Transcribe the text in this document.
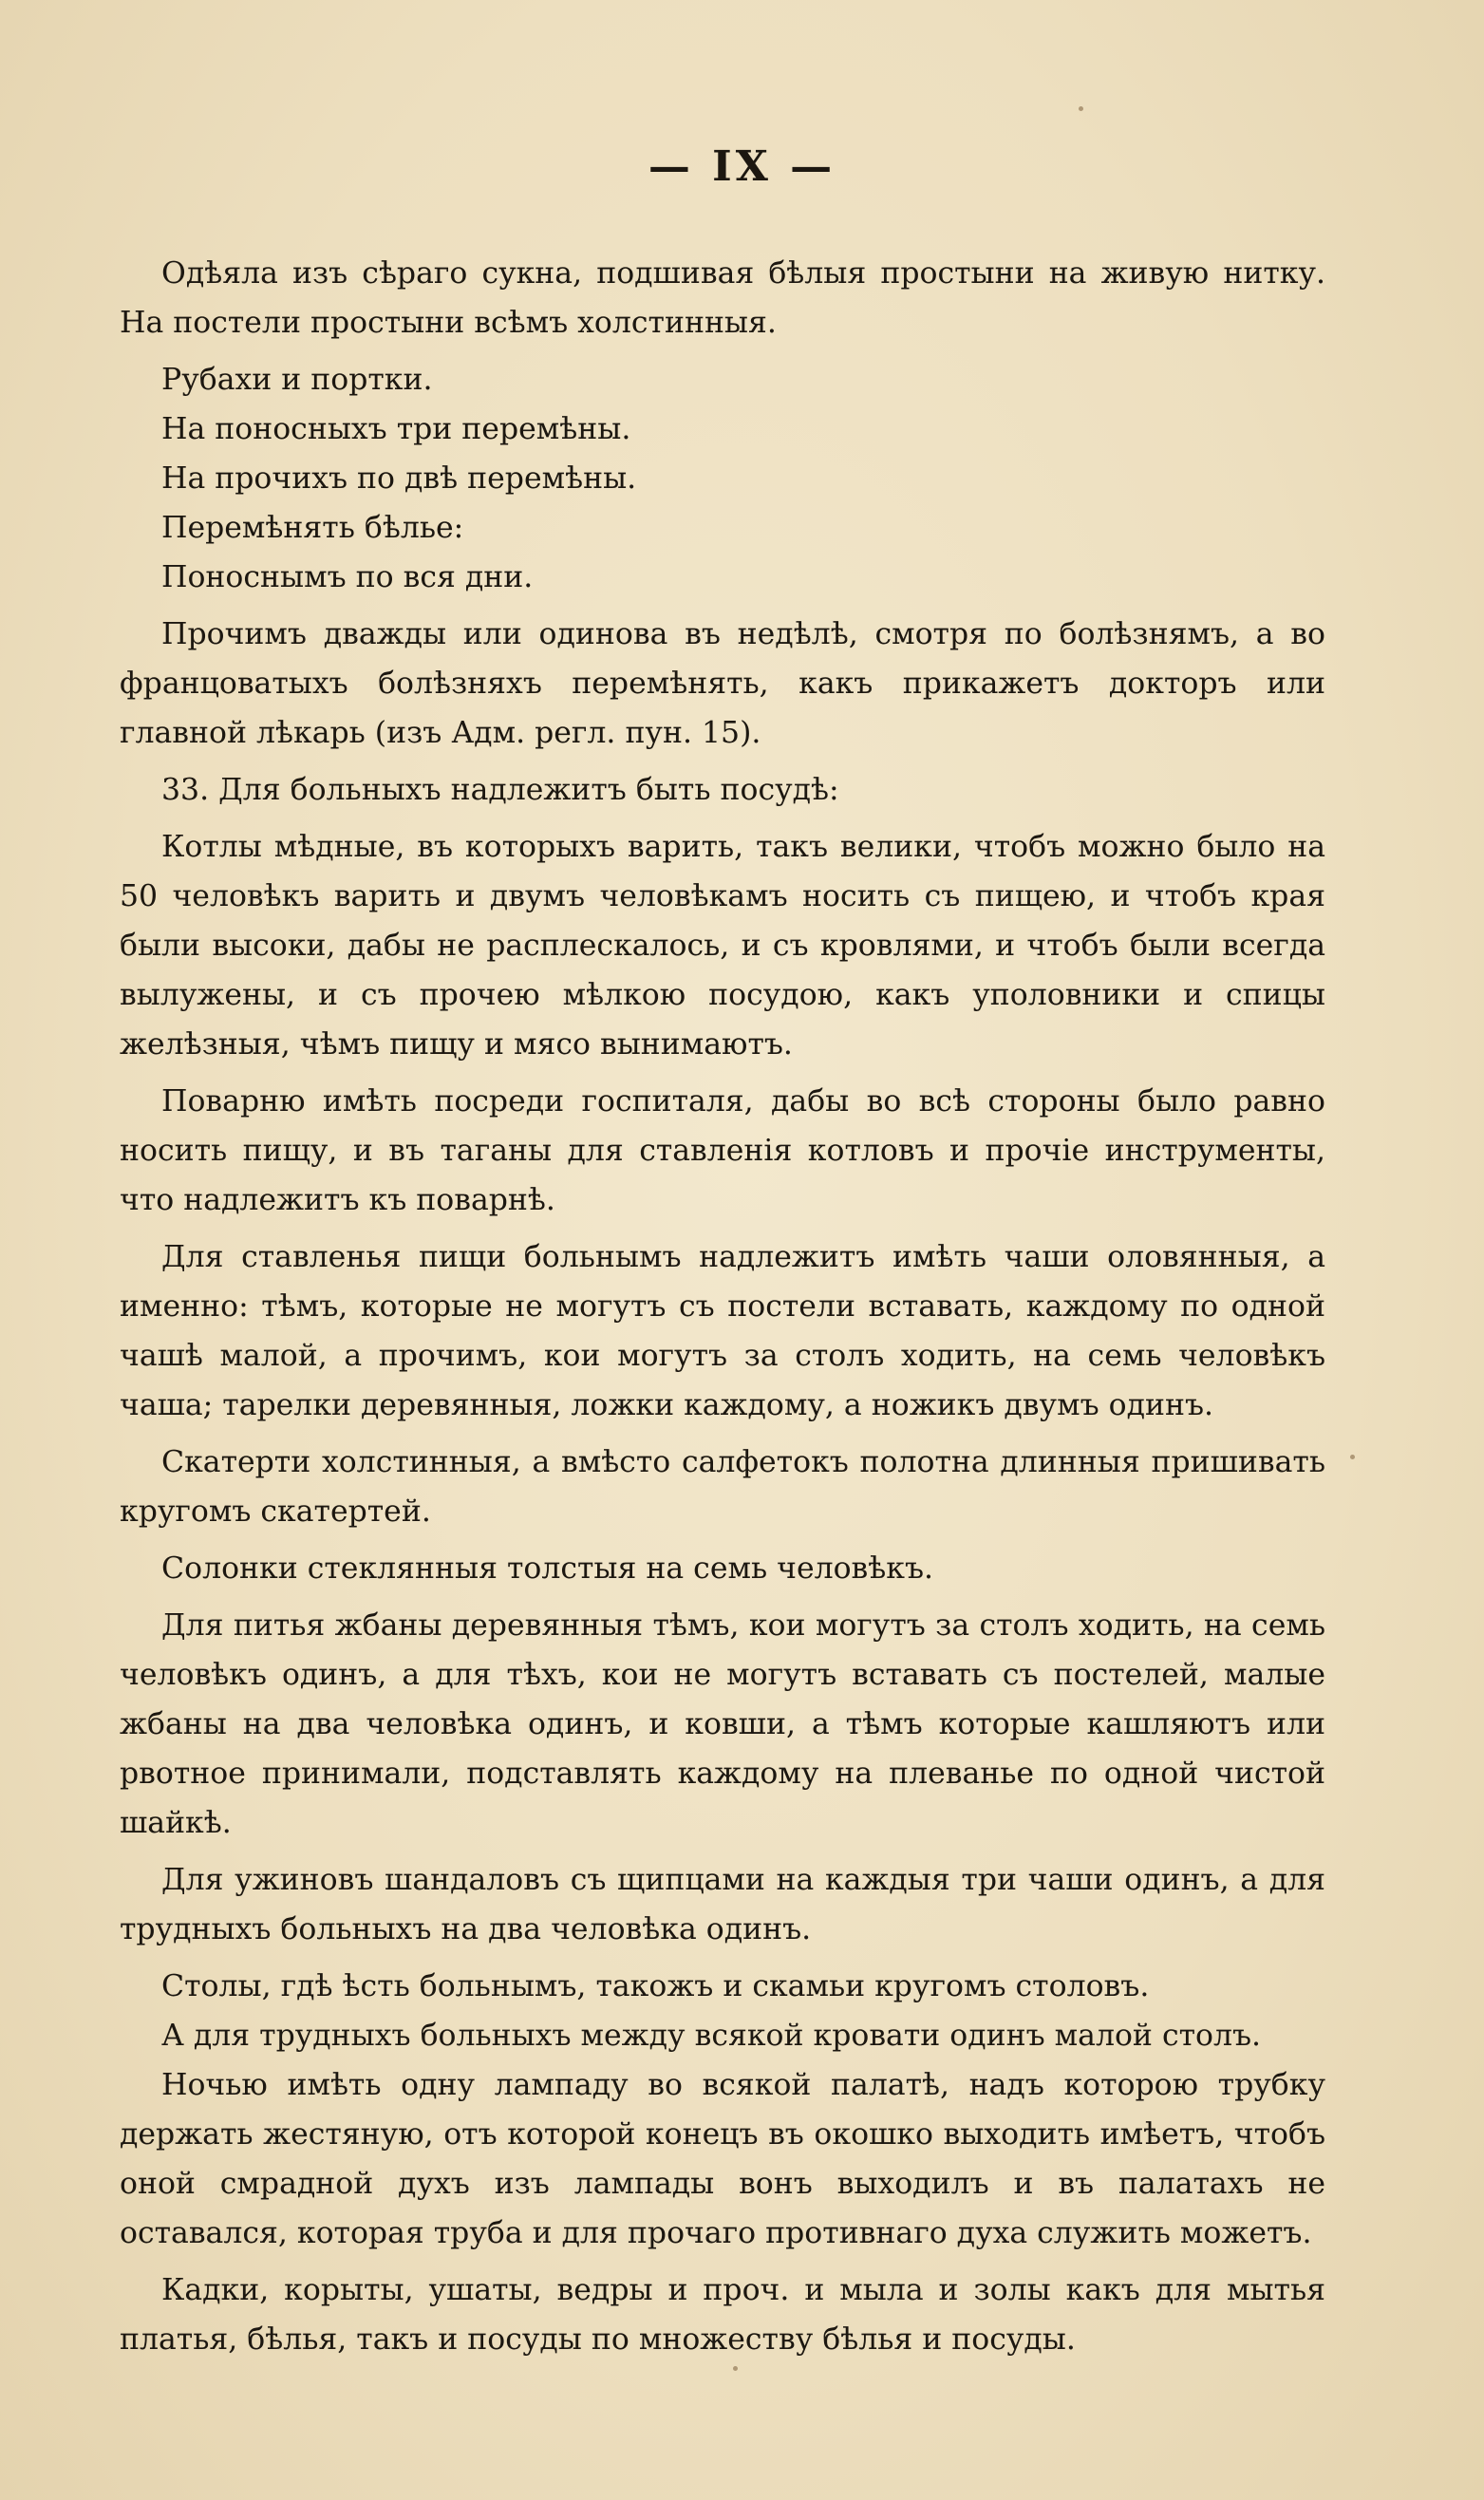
— IX —

Одѣяла изъ сѣраго сукна, подшивая бѣлыя простыни на живую нитку. На постели простыни всѣмъ холстинныя.

Рубахи и портки.

На поносныхъ три перемѣны.

На прочихъ по двѣ перемѣны.

Перемѣнять бѣлье:

Поноснымъ по вся дни.

Прочимъ дважды или одинова въ недѣлѣ, смотря по болѣзнямъ, а во францоватыхъ болѣзняхъ перемѣнять, какъ прикажетъ докторъ или главной лѣкарь (изъ Адм. регл. пун. 15).

33. Для больныхъ надлежитъ быть посудѣ:

Котлы мѣдные, въ которыхъ варить, такъ велики, чтобъ можно было на 50 человѣкъ варить и двумъ человѣкамъ носить съ пищею, и чтобъ края были высоки, дабы не расплескалось, и съ кровлями, и чтобъ были всегда вылужены, и съ прочею мѣлкою посудою, какъ уполовники и спицы желѣзныя, чѣмъ пищу и мясо вынимаютъ.

Поварню имѣть посреди госпиталя, дабы во всѣ стороны было равно носить пищу, и въ таганы для ставленія котловъ и прочіе инструменты, что надлежитъ къ поварнѣ.

Для ставленья пищи больнымъ надлежитъ имѣть чаши оловянныя, а именно: тѣмъ, которые не могутъ съ постели вставать, каждому по одной чашѣ малой, а прочимъ, кои могутъ за столъ ходить, на семь человѣкъ чаша; тарелки деревянныя, ложки каждому, а ножикъ двумъ одинъ.

Скатерти холстинныя, а вмѣсто салфетокъ полотна длинныя пришивать кругомъ скатертей.

Солонки стеклянныя толстыя на семь человѣкъ.

Для питья жбаны деревянныя тѣмъ, кои могутъ за столъ ходить, на семь человѣкъ одинъ, а для тѣхъ, кои не могутъ вставать съ постелей, малые жбаны на два человѣка одинъ, и ковши, а тѣмъ которые кашляютъ или рвотное принимали, подставлять каждому на плеванье по одной чистой шайкѣ.

Для ужиновъ шандаловъ съ щипцами на каждыя три чаши одинъ, а для трудныхъ больныхъ на два человѣка одинъ.

Столы, гдѣ ѣсть больнымъ, такожъ и скамьи кругомъ столовъ.

А для трудныхъ больныхъ между всякой кровати одинъ малой столъ.

Ночью имѣть одну лампаду во всякой палатѣ, надъ которою трубку держать жестяную, отъ которой конецъ въ окошко выходить имѣетъ, чтобъ оной смрадной духъ изъ лампады вонъ выходилъ и въ палатахъ не оставался, которая труба и для прочаго противнаго духа служить можетъ.

Кадки, корыты, ушаты, ведры и проч. и мыла и золы какъ для мытья платья, бѣлья, такъ и посуды по множеству бѣлья и посуды.
